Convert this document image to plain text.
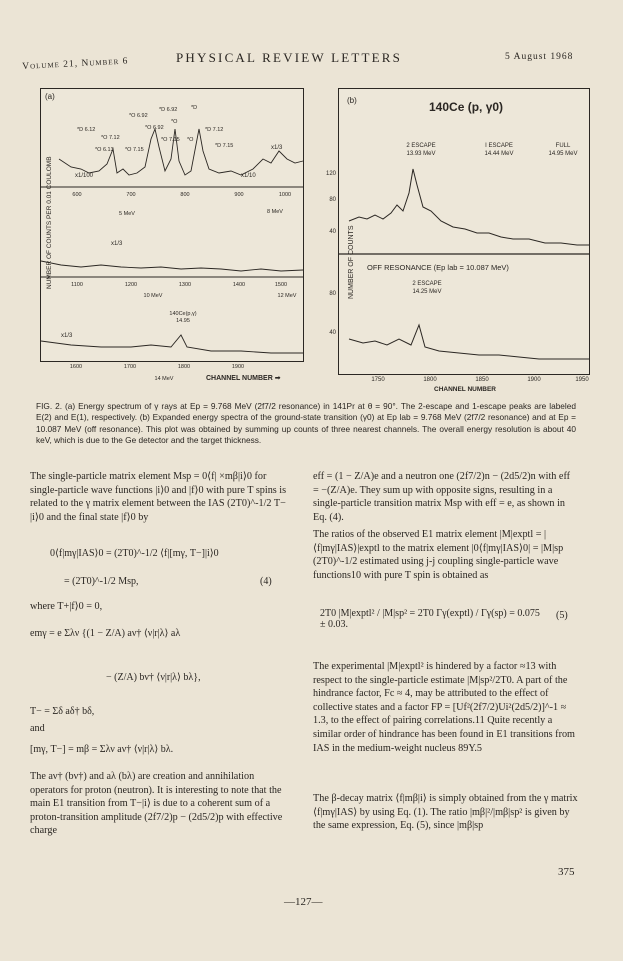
Volume 21, Number 6	PHYSICAL REVIEW LETTERS	5 August 1968
*D 6.12
*O 6.92
*D 6.92 *D
*O 7.12
*O 6.92
*O
*D 7.12
*O 6.13 *O 7.15
*O 7.15 *O
*D 7.15
x1/100	x1/10
x1/3
x1/3
x1/3
600	700	800	900	1000
5 MeV	8 MeV
1100	1200	1300	1400	1500
10 MeV	12 MeV
140Ce(p,γ)
14.95
NUMBER OF COUNTS PER 0.01 COULOMB
(a)
1600	1700	1800	1900
14 MeV	CHANNEL NUMBER ➡
(b)	140Ce (p, γ0)
2 ESCAPE
13.93 MeV
I ESCAPE
14.44 MeV
FULL
14.95 MeV
120
80
40
OFF RESONANCE (Ep lab = 10.087 MeV)
2 ESCAPE
14.25 MeV
80
40
NUMBER OF COUNTS
1750	1800	1850	1900	1950
CHANNEL NUMBER
FIG. 2. (a) Energy spectrum of γ rays at Ep = 9.768 MeV (2f7/2 resonance) in 141Pr at θ = 90°. The 2-escape and 1-escape peaks are labeled E(2) and E(1), respectively. (b) Expanded energy spectra of the ground-state transition (γ0) at Ep lab = 9.768 MeV (2f7/2 resonance) and at Ep = 10.087 MeV (off resonance). This plot was obtained by summing up counts of three nearest channels. The overall energy resolution is about 40 keV, which is due to the Ge detector and the target thickness.
The single-particle matrix element Msp = 0⟨f| ×mβ|i⟩0 for single-particle wave functions |i⟩0 and |f⟩0 with pure T spins is related to the γ matrix element between the IAS (2T0)^-1/2 T− |i⟩0 and the final state |f⟩0 by
0⟨f|mγ|IAS⟩0 = (2T0)^-1/2 ⟨f|[mγ, T−]|i⟩0
= (2T0)^-1/2 Msp,	(4)
where T+|f⟩0 = 0,
emγ = e Σλν {(1 − Z/A) aν† ⟨ν|r|λ⟩ aλ
− (Z/A) bν† ⟨ν|r|λ⟩ bλ},
T− = Σδ aδ† bδ,
and
[mγ, T−] = mβ = Σλν aν† ⟨ν|r|λ⟩ bλ.
The aν† (bν†) and aλ (bλ) are creation and annihilation operators for proton (neutron). It is interesting to note that the main E1 transition from T−|i⟩ is due to a coherent sum of a proton-transition amplitude (2f7/2)p − (2d5/2)p with effective charge
eff = (1 − Z/A)e and a neutron one (2f7/2)n − (2d5/2)n with eff = −(Z/A)e. They sum up with opposite signs, resulting in a single-particle transition matrix Msp with eff = e, as shown in Eq. (4).
The ratios of the observed E1 matrix element |M|exptl = |⟨f|mγ|IAS⟩|exptl to the matrix element |0⟨f|mγ|IAS⟩0| = |M|sp (2T0)^-1/2 estimated using j-j coupling single-particle wave functions10 with pure T spin is obtained as
2T0 |M|exptl² / |M|sp² = 2T0 Γγ(exptl) / Γγ(sp) = 0.075 ± 0.03.
(5)
The experimental |M|exptl² is hindered by a factor ≈13 with respect to the single-particle estimate |M|sp²/2T0. A part of the hindrance factor, Fc ≈ 4, may be attributed to the effect of collective states and a factor FP = [Uf²(2f7/2)Ui²(2d5/2)]^-1 ≈ 1.3, to the effect of pairing correlations.11 Quite recently a similar order of hindrance has been found in E1 transitions from IAS in the medium-weight nucleus 89Y.5
The β-decay matrix ⟨f|mβ|i⟩ is simply obtained from the γ matrix ⟨f|mγ|IAS⟩ by using Eq. (1). The ratio |mβ|²/|mβ|sp² is given by the same expression, Eq. (5), since |mβ|sp
375
—127—
